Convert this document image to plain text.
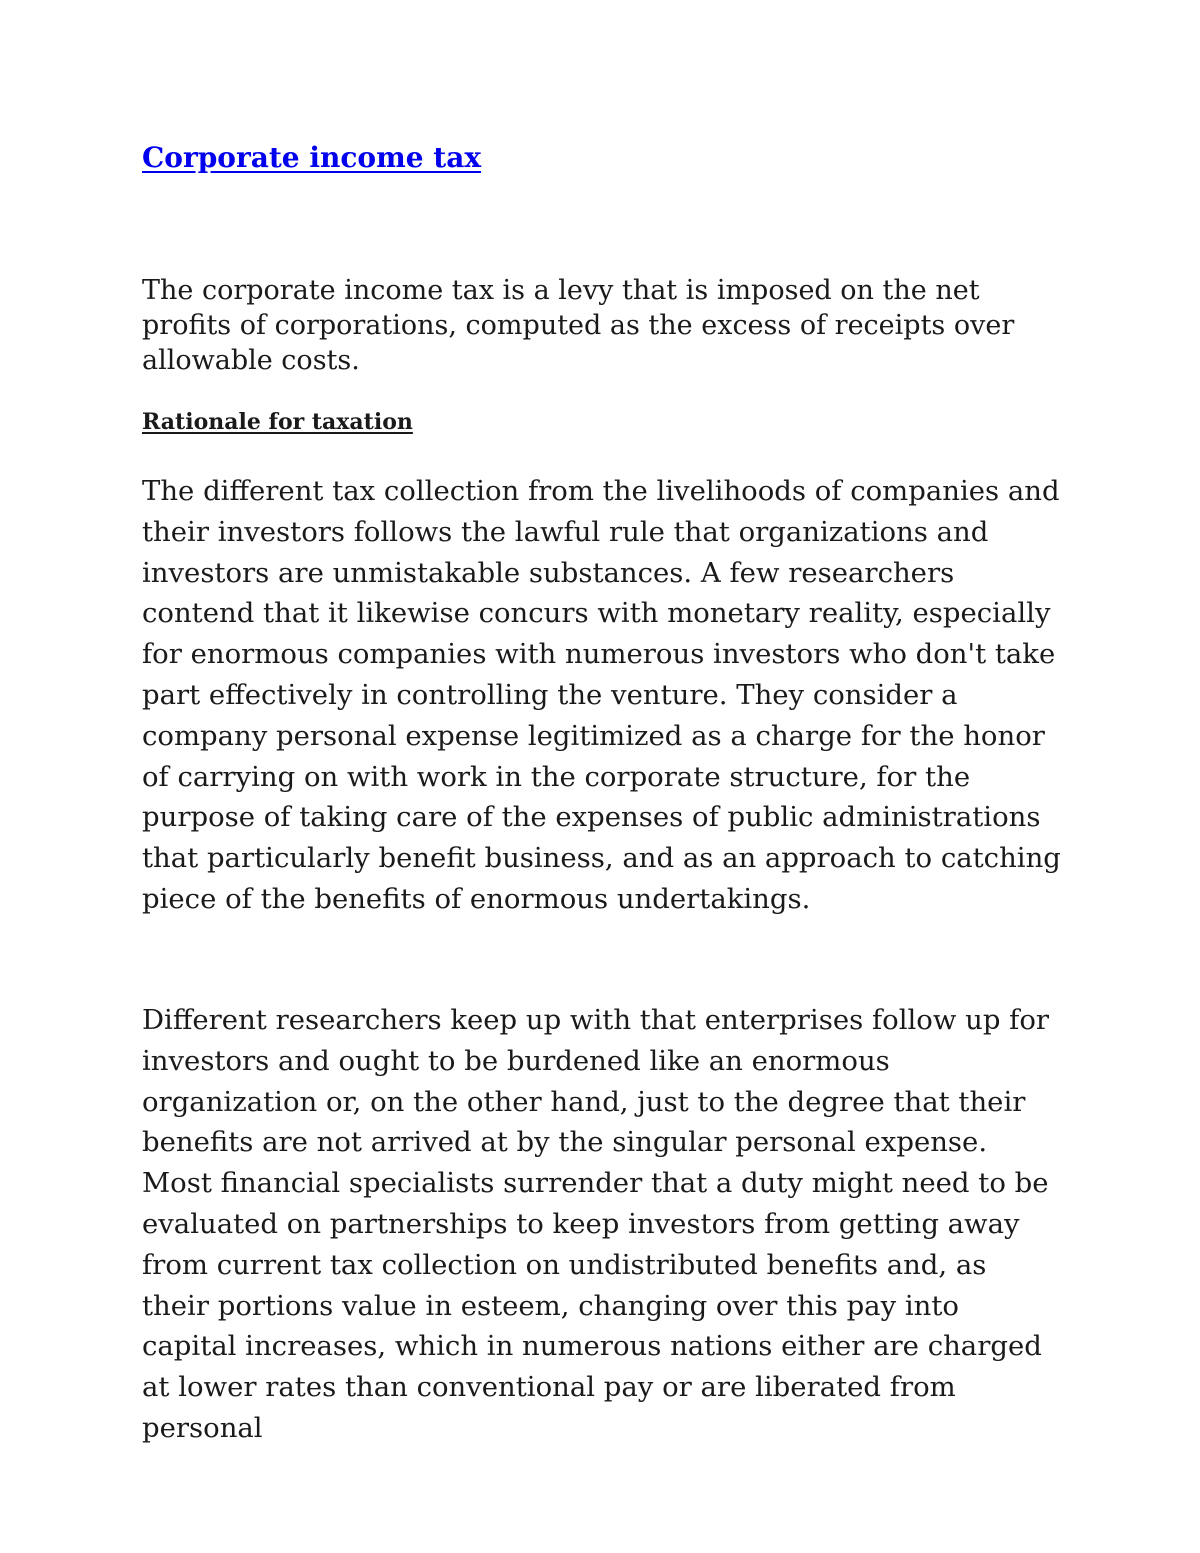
Corporate income tax

The corporate income tax is a levy that is imposed on the net profits of corporations, computed as the excess of receipts over allowable costs.

Rationale for taxation

The different tax collection from the livelihoods of companies and their investors follows the lawful rule that organizations and investors are unmistakable substances. A few researchers contend that it likewise concurs with monetary reality, especially for enormous companies with numerous investors who don't take part effectively in controlling the venture. They consider a company personal expense legitimized as a charge for the honor of carrying on with work in the corporate structure, for the purpose of taking care of the expenses of public administrations that particularly benefit business, and as an approach to catching piece of the benefits of enormous undertakings.

Different researchers keep up with that enterprises follow up for investors and ought to be burdened like an enormous organization or, on the other hand, just to the degree that their benefits are not arrived at by the singular personal expense. Most financial specialists surrender that a duty might need to be evaluated on partnerships to keep investors from getting away from current tax collection on undistributed benefits and, as their portions value in esteem, changing over this pay into capital increases, which in numerous nations either are charged at lower rates than conventional pay or are liberated from personal
